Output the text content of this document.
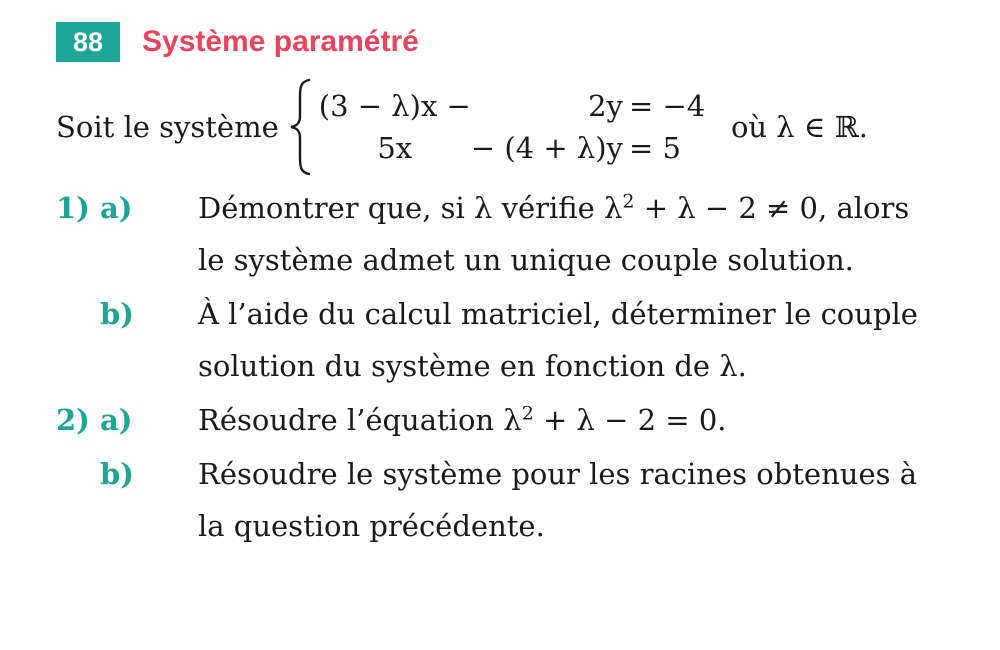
88	Système paramétré
Soit le système
(3 − λ)x −	2y	= −4
5x	− (4 + λ)y	= 5
où λ ∈ ℝ.
1) a) Démontrer que, si λ vérifie $\lambda^2 + \lambda - 2 \ne 0$, alors
le système admet un unique couple solution.
b) À l’aide du calcul matriciel, déterminer le couple
solution du système en fonction de λ.
2) a) Résoudre l’équation $\lambda^2 + \lambda - 2 = 0$.
b) Résoudre le système pour les racines obtenues à
la question précédente.
